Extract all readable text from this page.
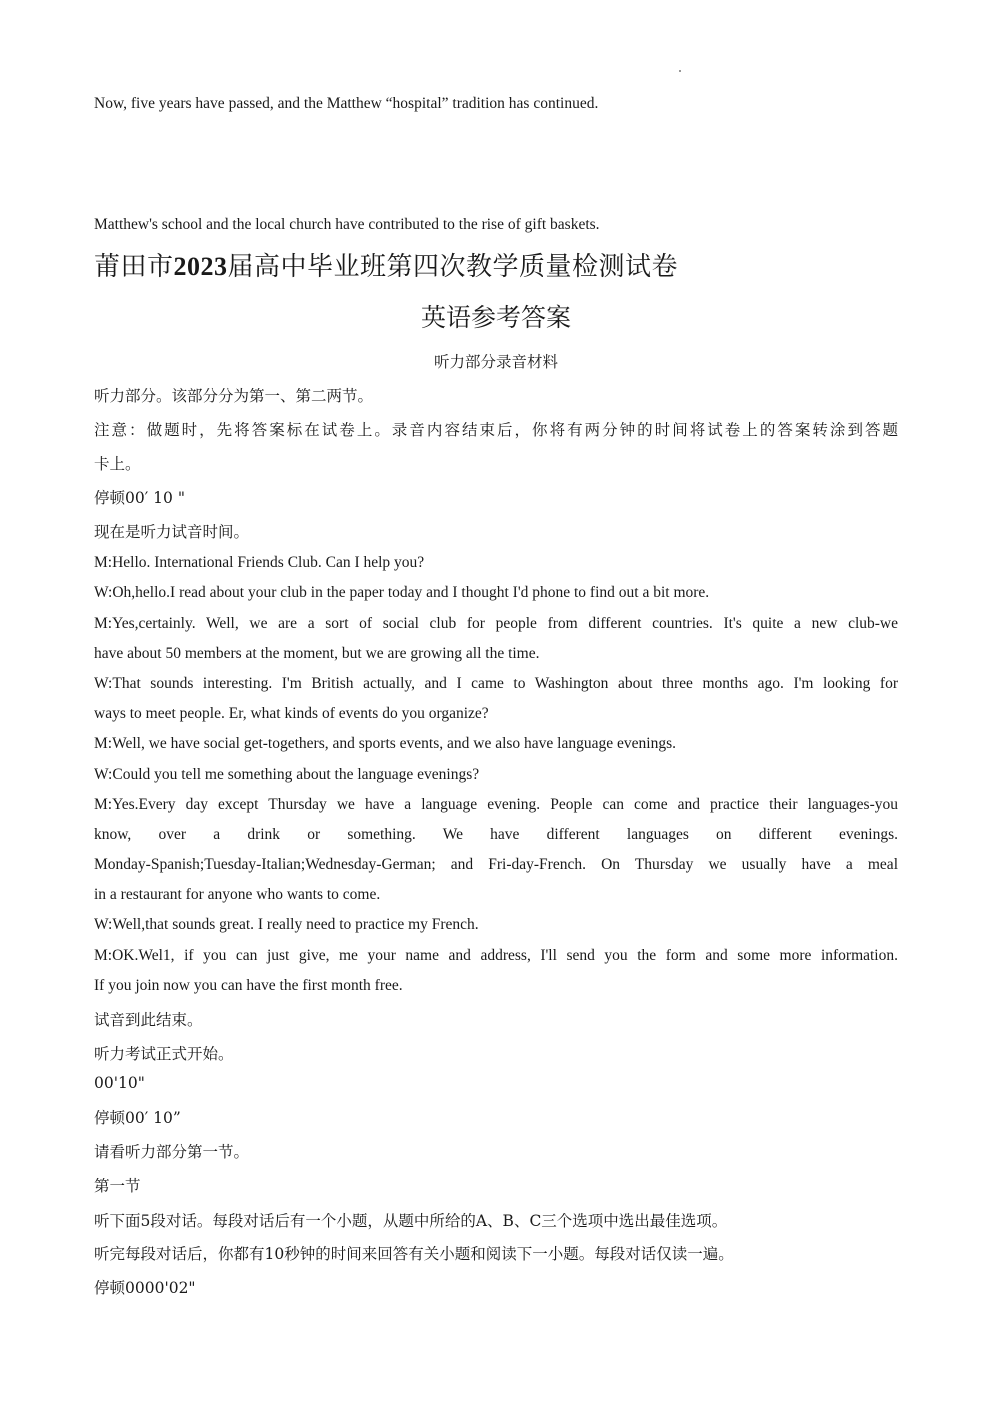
Now, five years have passed, and the Matthew “hospital” tradition has continued.
Matthew's school and the local church have contributed to the rise of gift baskets.
莆田市2023届高中毕业班第四次教学质量检测试卷
英语参考答案
听力部分录音材料
听力部分。该部分分为第一、第二两节。
注意：做题时，先将答案标在试卷上。录音内容结束后，你将有两分钟的时间将试卷上的答案转涂到答题
卡上。
停顿00′ 10 "
现在是听力试音时间。
M:Hello. International Friends Club. Can I help you?
W:Oh,hello.I read about your club in the paper today and I thought I'd phone to find out a bit more.
M:Yes,certainly. Well, we are a sort of social club for people from different countries. It's quite a new club-we
have about 50 members at the moment, but we are growing all the time.
W:That sounds interesting. I'm British actually, and I came to Washington about three months ago. I'm looking for
ways to meet people. Er, what kinds of events do you organize?
M:Well, we have social get-togethers, and sports events, and we also have language evenings.
W:Could you tell me something about the language evenings?
M:Yes.Every day except Thursday we have a language evening. People can come and practice their languages-you
know, over a drink or something. We have different languages on different evenings.
Monday-Spanish;Tuesday-Italian;Wednesday-German; and Fri-day-French. On Thursday we usually have a meal
in a restaurant for anyone who wants to come.
W:Well,that sounds great. I really need to practice my French.
M:OK.Wel1, if you can just give, me your name and address, I'll send you the form and some more information.
If you join now you can have the first month free.
试音到此结束。
听力考试正式开始。
00'10"
停顿00′ 10”
请看听力部分第一节。
第一节
听下面5段对话。每段对话后有一个小题，从题中所给的A、B、C三个选项中选出最佳选项。
听完每段对话后，你都有10秒钟的时间来回答有关小题和阅读下一小题。每段对话仅读一遍。
停顿0000'02"
